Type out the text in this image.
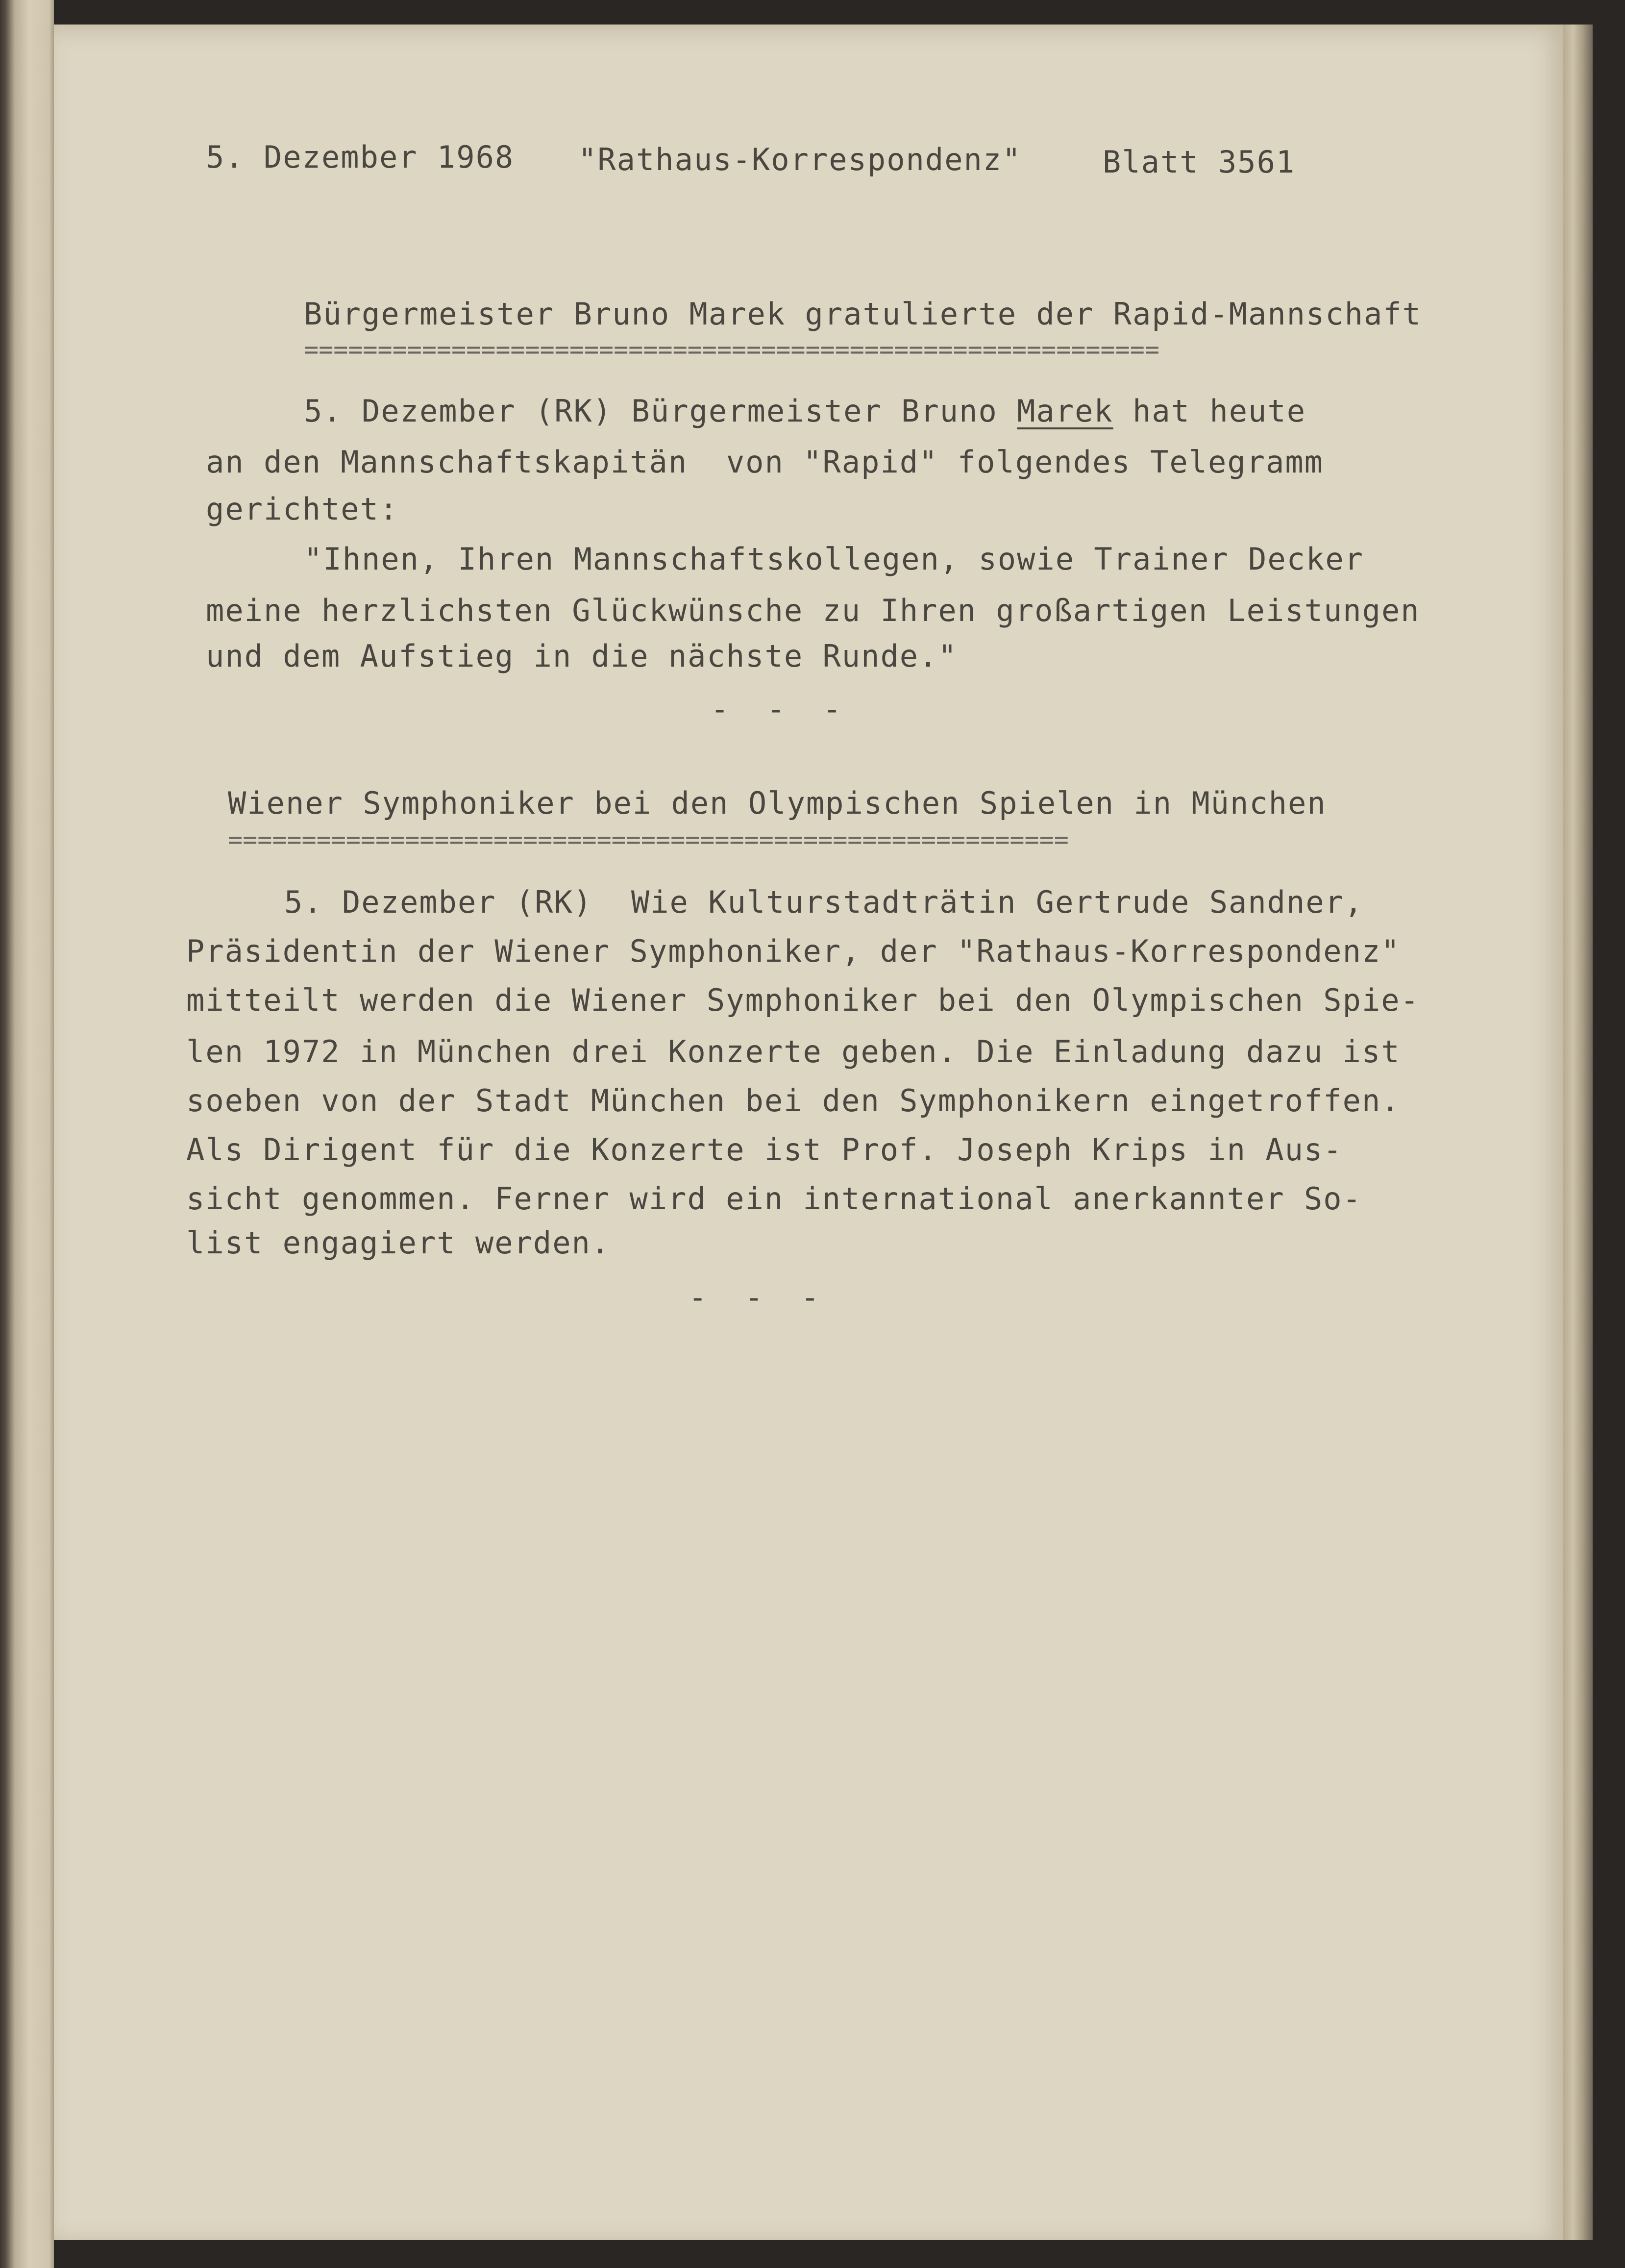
5. Dezember 1968 "Rathaus-Korrespondenz"	Blatt 3561
Bürgermeister Bruno Marek gratulierte der Rapid-Mannschaft
==========================================================
5. Dezember (RK) Bürgermeister Bruno Marek hat heute
an den Mannschaftskapitän  von "Rapid" folgendes Telegramm
gerichtet:
"Ihnen, Ihren Mannschaftskollegen, sowie Trainer Decker
meine herzlichsten Glückwünsche zu Ihren großartigen Leistungen
und dem Aufstieg in die nächste Runde."
- - -
Wiener Symphoniker bei den Olympischen Spielen in München
=========================================================
5. Dezember (RK)  Wie Kulturstadträtin Gertrude Sandner,
Präsidentin der Wiener Symphoniker, der "Rathaus-Korrespondenz"
mitteilt werden die Wiener Symphoniker bei den Olympischen Spie-
len 1972 in München drei Konzerte geben. Die Einladung dazu ist
soeben von der Stadt München bei den Symphonikern eingetroffen.
Als Dirigent für die Konzerte ist Prof. Joseph Krips in Aus-
sicht genommen. Ferner wird ein international anerkannter So-
list engagiert werden.
- - -
